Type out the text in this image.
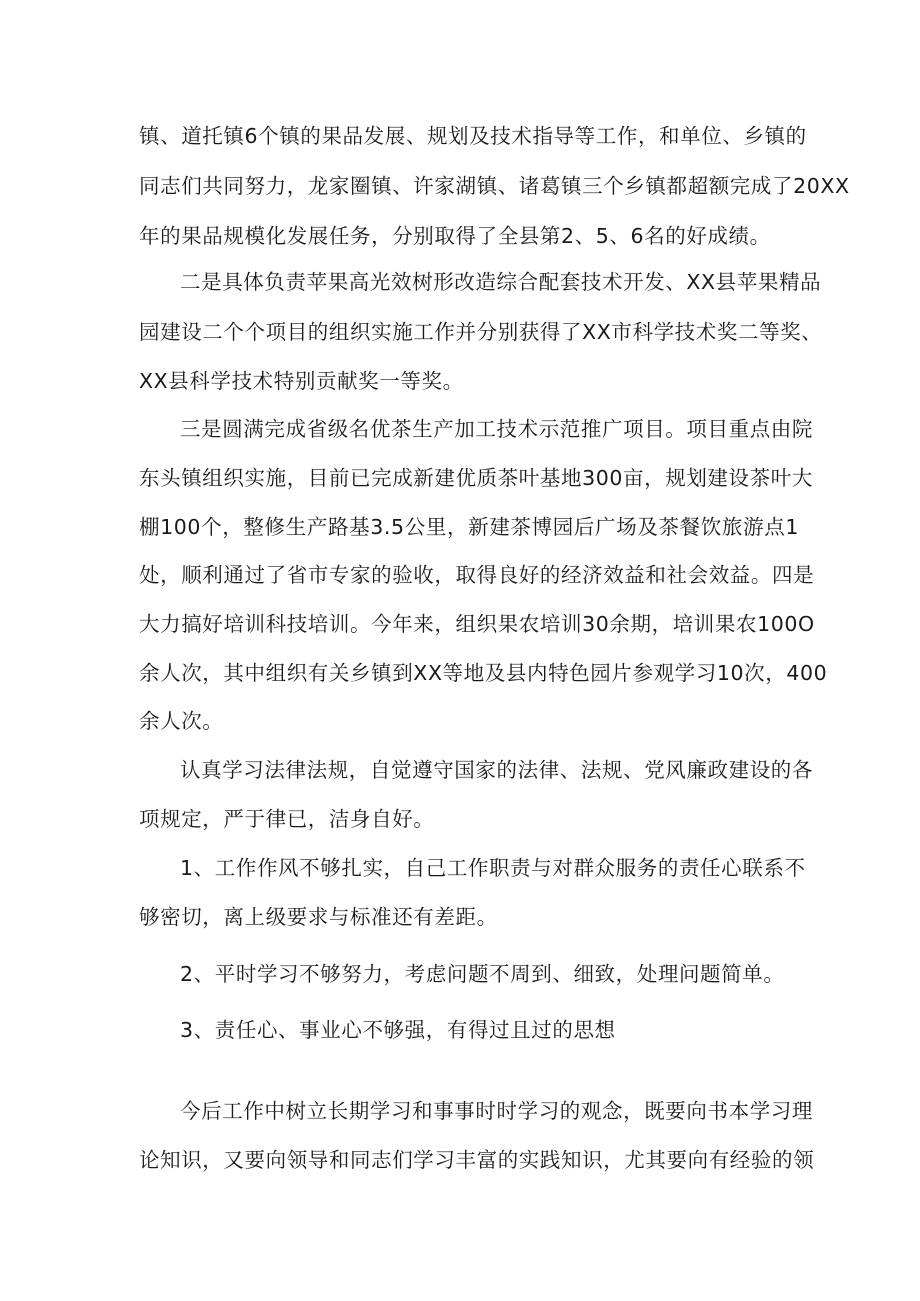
镇、道托镇6个镇的果品发展、规划及技术指导等工作，和单位、乡镇的
同志们共同努力，龙家圈镇、许家湖镇、诸葛镇三个乡镇都超额完成了20XX
年的果品规模化发展任务，分别取得了全县第2、5、6名的好成绩。
二是具体负责苹果高光效树形改造综合配套技术开发、XX县苹果精品
园建设二个个项目的组织实施工作并分别获得了XX市科学技术奖二等奖、
XX县科学技术特别贡献奖一等奖。
三是圆满完成省级名优茶生产加工技术示范推广项目。项目重点由院
东头镇组织实施，目前已完成新建优质茶叶基地300亩，规划建设茶叶大
棚100个，整修生产路基3.5公里，新建茶博园后广场及茶餐饮旅游点1
处，顺利通过了省市专家的验收，取得良好的经济效益和社会效益。四是
大力搞好培训科技培训。今年来，组织果农培训30余期，培训果农100O
余人次，其中组织有关乡镇到XX等地及县内特色园片参观学习10次，400
余人次。
认真学习法律法规，自觉遵守国家的法律、法规、党风廉政建设的各
项规定，严于律已，洁身自好。
1、工作作风不够扎实，自己工作职责与对群众服务的责任心联系不
够密切，离上级要求与标准还有差距。
2、平时学习不够努力，考虑问题不周到、细致，处理问题简单。
3、责任心、事业心不够强，有得过且过的思想
今后工作中树立长期学习和事事时时学习的观念，既要向书本学习理
论知识，又要向领导和同志们学习丰富的实践知识，尤其要向有经验的领
